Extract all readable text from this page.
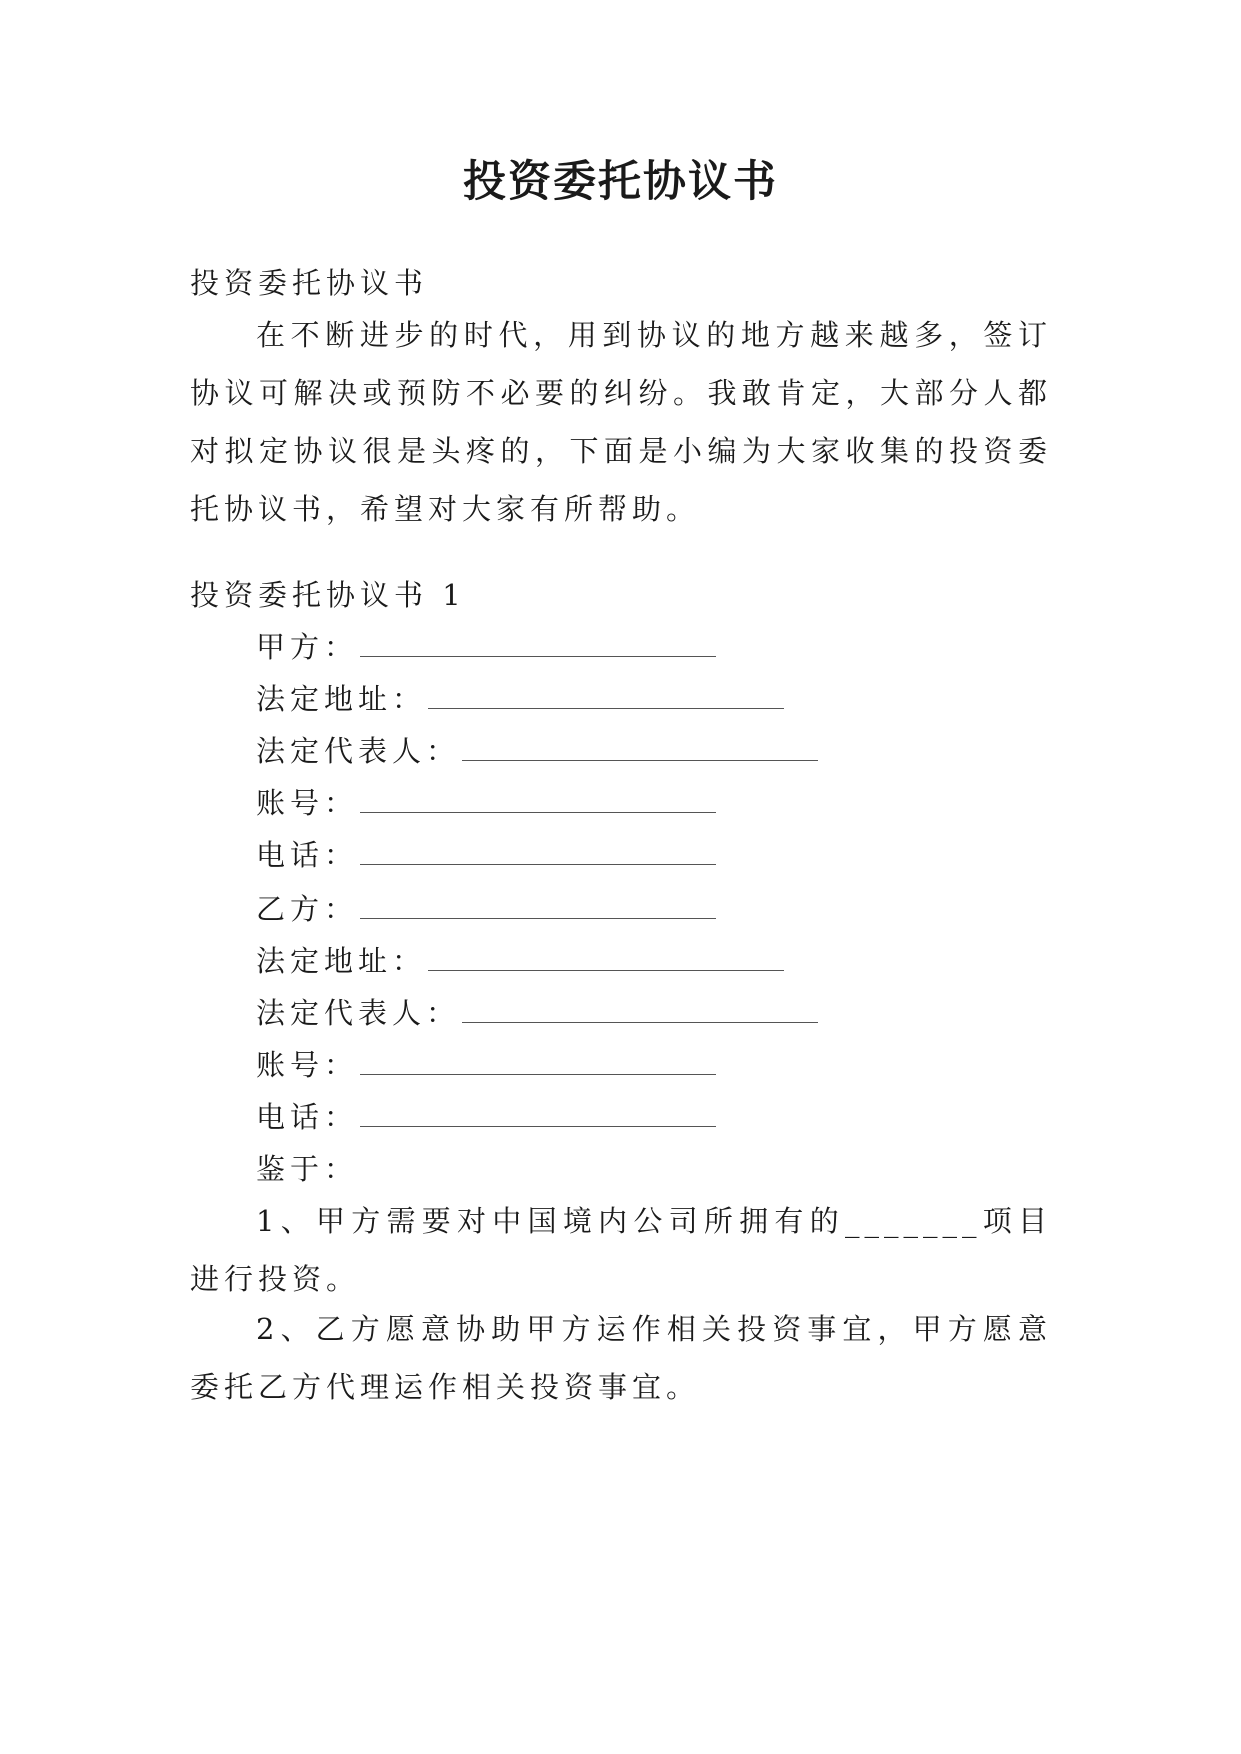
投资委托协议书
投资委托协议书
在不断进步的时代，用到协议的地方越来越多，签订协议可解决或预防不必要的纠纷。我敢肯定，大部分人都对拟定协议很是头疼的，下面是小编为大家收集的投资委托协议书，希望对大家有所帮助。
投资委托协议书 1
甲方：
法定地址：
法定代表人：
账号：
电话：
乙方：
法定地址：
法定代表人：
账号：
电话：
鉴于：
1、甲方需要对中国境内公司所拥有的_______项目进行投资。
2、乙方愿意协助甲方运作相关投资事宜，甲方愿意委托乙方代理运作相关投资事宜。
